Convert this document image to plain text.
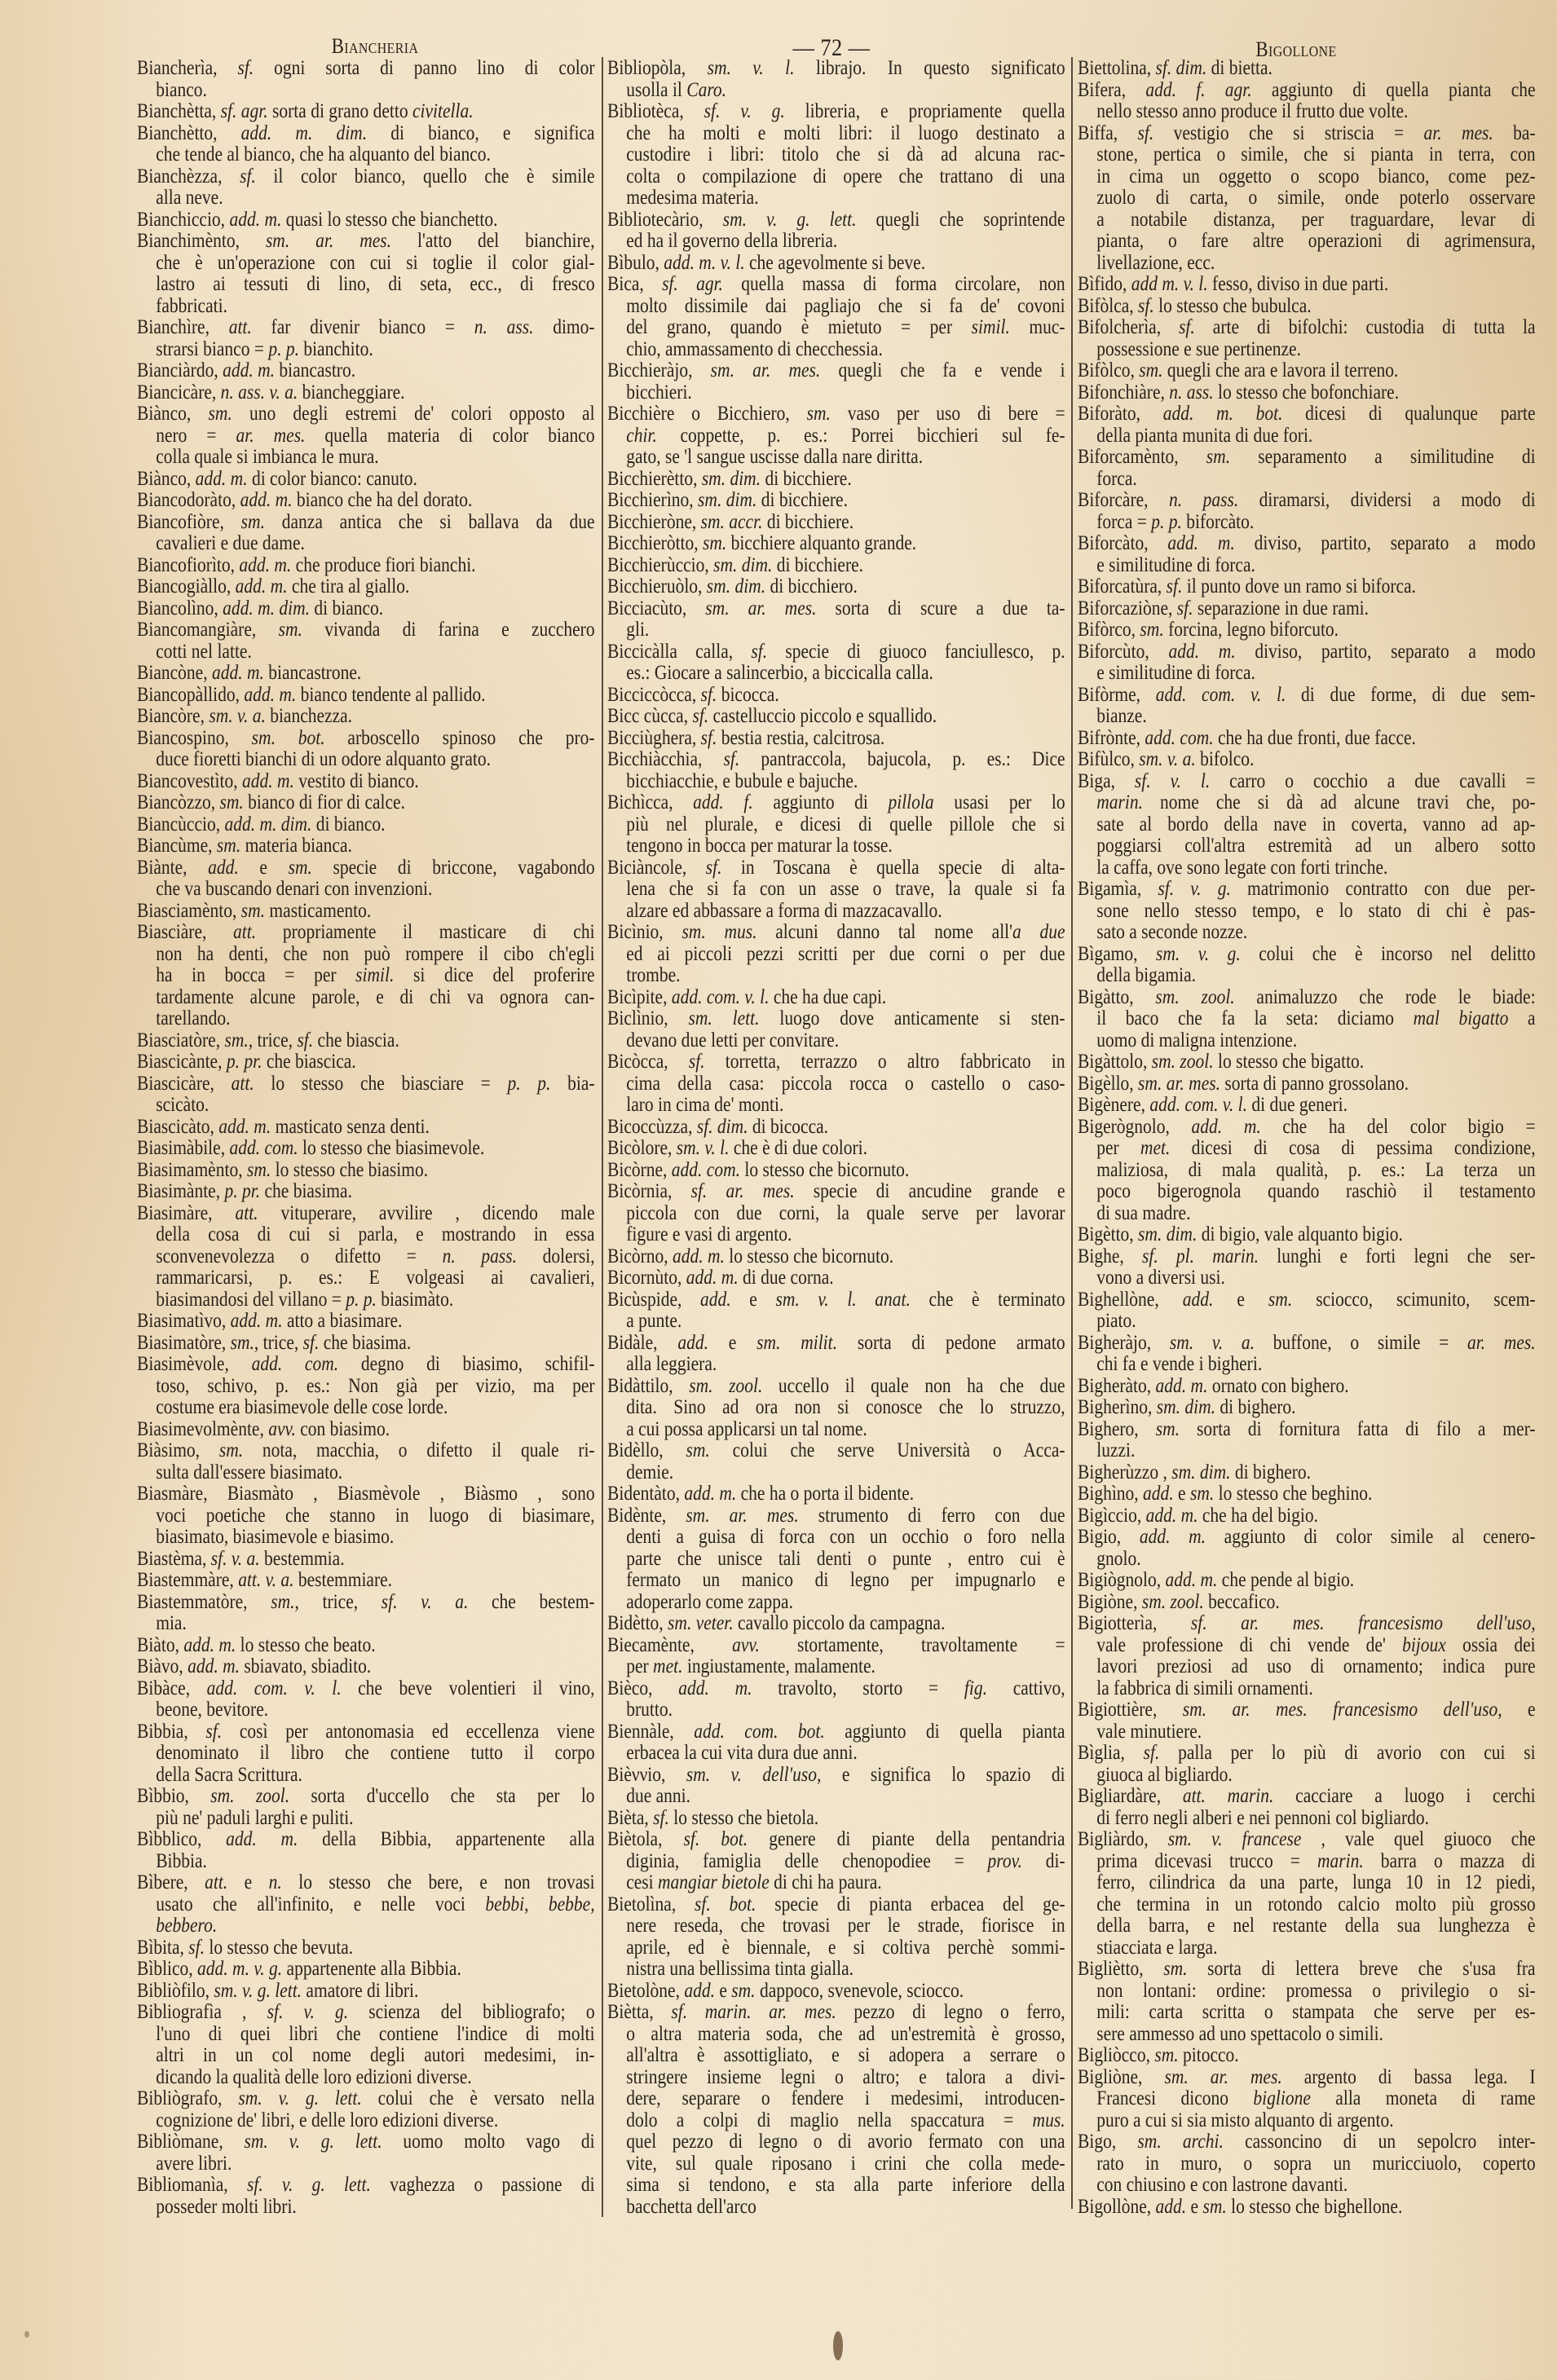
Biancheria	— 72 —	Bigollone
Biancherìa, sf. ogni sorta di panno lino di color
bianco.
Bianchètta, sf. agr. sorta di grano detto civitella.
Bianchètto, add. m. dim. di bianco, e significa
che tende al bianco, che ha alquanto del bianco.
Bianchèzza, sf. il color bianco, quello che è simile
alla neve.
Bianchiccio, add. m. quasi lo stesso che bianchetto.
Bianchimènto, sm. ar. mes. l'atto del bianchire,
che è un'operazione con cui si toglie il color gial-
lastro ai tessuti di lino, di seta, ecc., di fresco
fabbricati.
Bianchìre, att. far divenir bianco = n. ass. dimo-
strarsi bianco = p. p. bianchito.
Bianciàrdo, add. m. biancastro.
Biancicàre, n. ass. v. a. biancheggiare.
Biànco, sm. uno degli estremi de' colori opposto al
nero = ar. mes. quella materia di color bianco
colla quale si imbianca le mura.
Biànco, add. m. di color bianco: canuto.
Biancodoràto, add. m. bianco che ha del dorato.
Biancofiòre, sm. danza antica che si ballava da due
cavalieri e due dame.
Biancofiorìto, add. m. che produce fiori bianchi.
Biancogiàllo, add. m. che tira al giallo.
Biancolìno, add. m. dim. di bianco.
Biancomangiàre, sm. vivanda di farina e zucchero
cotti nel latte.
Biancòne, add. m. biancastrone.
Biancopàllido, add. m. bianco tendente al pallido.
Biancòre, sm. v. a. bianchezza.
Biancospino, sm. bot. arboscello spinoso che pro-
duce fioretti bianchi di un odore alquanto grato.
Biancovestìto, add. m. vestito di bianco.
Biancòzzo, sm. bianco di fior di calce.
Biancùccio, add. m. dim. di bianco.
Biancùme, sm. materia bianca.
Biànte, add. e sm. specie di briccone, vagabondo
che va buscando denari con invenzioni.
Biasciamènto, sm. masticamento.
Biasciàre, att. propriamente il masticare di chi
non ha denti, che non può rompere il cibo ch'egli
ha in bocca = per simil. si dice del proferire
tardamente alcune parole, e di chi va ognora can-
tarellando.
Biasciatòre, sm., trice, sf. che biascia.
Biascicànte, p. pr. che biascica.
Biascicàre, att. lo stesso che biasciare = p. p. bia-
scicàto.
Biascicàto, add. m. masticato senza denti.
Biasimàbile, add. com. lo stesso che biasimevole.
Biasimamènto, sm. lo stesso che biasimo.
Biasimànte, p. pr. che biasima.
Biasimàre, att. vituperare, avvilire , dicendo male
della cosa di cui si parla, e mostrando in essa
sconvenevolezza o difetto = n. pass. dolersi,
rammaricarsi, p. es.: E volgeasi ai cavalieri,
biasimandosi del villano = p. p. biasimàto.
Biasimatìvo, add. m. atto a biasimare.
Biasimatòre, sm., trice, sf. che biasima.
Biasimèvole, add. com. degno di biasimo, schifil-
toso, schivo, p. es.: Non già per vizio, ma per
costume era biasimevole delle cose lorde.
Biasimevolmènte, avv. con biasimo.
Biàsimo, sm. nota, macchia, o difetto il quale ri-
sulta dall'essere biasimato.
Biasmàre, Biasmàto , Biasmèvole , Biàsmo , sono
voci poetiche che stanno in luogo di biasimare,
biasimato, biasimevole e biasimo.
Biastèma, sf. v. a. bestemmia.
Biastemmàre, att. v. a. bestemmiare.
Biastemmatòre, sm., trice, sf. v. a. che bestem-
mia.
Biàto, add. m. lo stesso che beato.
Biàvo, add. m. sbiavato, sbiadito.
Bibàce, add. com. v. l. che beve volentieri il vino,
beone, bevitore.
Bibbia, sf. così per antonomasia ed eccellenza viene
denominato il libro che contiene tutto il corpo
della Sacra Scrittura.
Bìbbio, sm. zool. sorta d'uccello che sta per lo
più ne' paduli larghi e puliti.
Bìbblico, add. m. della Bibbia, appartenente alla
Bibbia.
Bìbere, att. e n. lo stesso che bere, e non trovasi
usato che all'infinito, e nelle voci bebbi, bebbe,
bebbero.
Bìbita, sf. lo stesso che bevuta.
Bìblico, add. m. v. g. appartenente alla Bibbia.
Bibliòfilo, sm. v. g. lett. amatore di libri.
Bibliografìa , sf. v. g. scienza del bibliografo; o
l'uno di quei libri che contiene l'indice di molti
altri in un col nome degli autori medesimi, in-
dicando la qualità delle loro edizioni diverse.
Bibliògrafo, sm. v. g. lett. colui che è versato nella
cognizione de' libri, e delle loro edizioni diverse.
Bibliòmane, sm. v. g. lett. uomo molto vago di
avere libri.
Bibliomanìa, sf. v. g. lett. vaghezza o passione di
posseder molti libri.
Bibliopòla, sm. v. l. librajo. In questo significato
usolla il Caro.
Bibliotèca, sf. v. g. libreria, e propriamente quella
che ha molti e molti libri: il luogo destinato a
custodire i libri: titolo che si dà ad alcuna rac-
colta o compilazione di opere che trattano di una
medesima materia.
Bibliotecàrio, sm. v. g. lett. quegli che soprintende
ed ha il governo della libreria.
Bìbulo, add. m. v. l. che agevolmente si beve.
Bica, sf. agr. quella massa di forma circolare, non
molto dissimile dai pagliajo che si fa de' covoni
del grano, quando è mietuto = per simil. muc-
chio, ammassamento di checchessia.
Bicchieràjo, sm. ar. mes. quegli che fa e vende i
bicchieri.
Bicchière o Bicchiero, sm. vaso per uso di bere =
chir. coppette, p. es.: Porrei bicchieri sul fe-
gato, se 'l sangue uscisse dalla nare diritta.
Bicchierètto, sm. dim. di bicchiere.
Bicchierìno, sm. dim. di bicchiere.
Bicchieròne, sm. accr. di bicchiere.
Bicchieròtto, sm. bicchiere alquanto grande.
Bicchierùccio, sm. dim. di bicchiere.
Bicchieruòlo, sm. dim. di bicchiero.
Bicciacùto, sm. ar. mes. sorta di scure a due ta-
gli.
Biccicàlla calla, sf. specie di giuoco fanciullesco, p.
es.: Giocare a salincerbio, a biccicalla calla.
Bicciccòcca, sf. bicocca.
Bicc cùcca, sf. castelluccio piccolo e squallido.
Bicciùghera, sf. bestia restia, calcitrosa.
Bicchiàcchia, sf. pantraccola, bajucola, p. es.: Dice
bicchiacchie, e bubule e bajuche.
Bichìcca, add. f. aggiunto di pillola usasi per lo
più nel plurale, e dicesi di quelle pillole che si
tengono in bocca per maturar la tosse.
Biciàncole, sf. in Toscana è quella specie di alta-
lena che si fa con un asse o trave, la quale si fa
alzare ed abbassare a forma di mazzacavallo.
Bicìnio, sm. mus. alcuni danno tal nome all'a due
ed ai piccoli pezzi scritti per due corni o per due
trombe.
Bicìpite, add. com. v. l. che ha due capi.
Biclìnio, sm. lett. luogo dove anticamente si sten-
devano due letti per convitare.
Bicòcca, sf. torretta, terrazzo o altro fabbricato in
cima della casa: piccola rocca o castello o caso-
laro in cima de' monti.
Bicoccùzza, sf. dim. di bicocca.
Bicòlore, sm. v. l. che è di due colori.
Bicòrne, add. com. lo stesso che bicornuto.
Bicòrnia, sf. ar. mes. specie di ancudine grande e
piccola con due corni, la quale serve per lavorar
figure e vasi di argento.
Bicòrno, add. m. lo stesso che bicornuto.
Bicornùto, add. m. di due corna.
Bicùspide, add. e sm. v. l. anat. che è terminato
a punte.
Bidàle, add. e sm. milit. sorta di pedone armato
alla leggiera.
Bidàttilo, sm. zool. uccello il quale non ha che due
dita. Sino ad ora non si conosce che lo struzzo,
a cui possa applicarsi un tal nome.
Bidèllo, sm. colui che serve Università o Acca-
demie.
Bidentàto, add. m. che ha o porta il bidente.
Bidènte, sm. ar. mes. strumento di ferro con due
denti a guisa di forca con un occhio o foro nella
parte che unisce tali denti o punte , entro cui è
fermato un manico di legno per impugnarlo e
adoperarlo come zappa.
Bidètto, sm. veter. cavallo piccolo da campagna.
Biecamènte, avv. stortamente, travoltamente =
per met. ingiustamente, malamente.
Bièco, add. m. travolto, storto = fig. cattivo,
brutto.
Biennàle, add. com. bot. aggiunto di quella pianta
erbacea la cui vita dura due anni.
Bièννio, sm. v. dell'uso, e significa lo spazio di
due anni.
Bièta, sf. lo stesso che bietola.
Biètola, sf. bot. genere di piante della pentandria
diginia, famiglia delle chenopodiee = prov. di-
cesi mangiar bietole di chi ha paura.
Bietolìna, sf. bot. specie di pianta erbacea del ge-
nere reseda, che trovasi per le strade, fiorisce in
aprile, ed è biennale, e si coltiva perchè sommi-
nistra una bellissima tinta gialla.
Bietolòne, add. e sm. dappoco, svenevole, sciocco.
Biètta, sf. marin. ar. mes. pezzo di legno o ferro,
o altra materia soda, che ad un'estremità è grosso,
all'altra è assottigliato, e si adopera a serrare o
stringere insieme legni o altro; e talora a divi-
dere, separare o fendere i medesimi, introducen-
dolo a colpi di maglio nella spaccatura = mus.
quel pezzo di legno o di avorio fermato con una
vite, sul quale riposano i crini che colla mede-
sima si tendono, e sta alla parte inferiore della
bacchetta dell'arco
Biettolina, sf. dim. di bietta.
Bifera, add. f. agr. aggiunto di quella pianta che
nello stesso anno produce il frutto due volte.
Biffa, sf. vestigio che si striscia = ar. mes. ba-
stone, pertica o simile, che si pianta in terra, con
in cima un oggetto o scopo bianco, come pez-
zuolo di carta, o simile, onde poterlo osservare
a notabile distanza, per traguardare, levar di
pianta, o fare altre operazioni di agrimensura,
livellazione, ecc.
Bìfido, add m. v. l. fesso, diviso in due parti.
Bifòlca, sf. lo stesso che bubulca.
Bifolcherìa, sf. arte di bifolchi: custodia di tutta la
possessione e sue pertinenze.
Bifòlco, sm. quegli che ara e lavora il terreno.
Bifonchiàre, n. ass. lo stesso che bofonchiare.
Biforàto, add. m. bot. dicesi di qualunque parte
della pianta munita di due fori.
Biforcamènto, sm. separamento a similitudine di
forca.
Biforcàre, n. pass. diramarsi, dividersi a modo di
forca = p. p. biforcàto.
Biforcàto, add. m. diviso, partito, separato a modo
e similitudine di forca.
Biforcatùra, sf. il punto dove un ramo si biforca.
Biforcaziòne, sf. separazione in due rami.
Bifòrco, sm. forcina, legno biforcuto.
Biforcùto, add. m. diviso, partito, separato a modo
e similitudine di forca.
Bifòrme, add. com. v. l. di due forme, di due sem-
bianze.
Bifrònte, add. com. che ha due fronti, due facce.
Bifùlco, sm. v. a. bifolco.
Biga, sf. v. l. carro o cocchio a due cavalli =
marin. nome che si dà ad alcune travi che, po-
sate al bordo della nave in coverta, vanno ad ap-
poggiarsi coll'altra estremità ad un albero sotto
la caffa, ove sono legate con forti trinche.
Bigamìa, sf. v. g. matrimonio contratto con due per-
sone nello stesso tempo, e lo stato di chi è pas-
sato a seconde nozze.
Bìgamo, sm. v. g. colui che è incorso nel delitto
della bigamia.
Bigàtto, sm. zool. animaluzzo che rode le biade:
il baco che fa la seta: diciamo mal bigatto a
uomo di maligna intenzione.
Bigàttolo, sm. zool. lo stesso che bigatto.
Bigèllo, sm. ar. mes. sorta di panno grossolano.
Bigènere, add. com. v. l. di due generi.
Bigerògnolo, add. m. che ha del color bigio =
per met. dicesi di cosa di pessima condizione,
maliziosa, di mala qualità, p. es.: La terza un
poco bigerognola quando raschiò il testamento
di sua madre.
Bigètto, sm. dim. di bigio, vale alquanto bigio.
Bighe, sf. pl. marin. lunghi e forti legni che ser-
vono a diversi usi.
Bighellòne, add. e sm. sciocco, scimunito, scem-
piato.
Bigheràjo, sm. v. a. buffone, o simile = ar. mes.
chi fa e vende i bigheri.
Bigheràto, add. m. ornato con bighero.
Bigherìno, sm. dim. di bighero.
Bighero, sm. sorta di fornitura fatta di filo a mer-
luzzi.
Bigherùzzo , sm. dim. di bighero.
Bighìno, add. e sm. lo stesso che beghino.
Bigìccio, add. m. che ha del bigio.
Bigio, add. m. aggiunto di color simile al cenero-
gnolo.
Bigiògnolo, add. m. che pende al bigio.
Bigiòne, sm. zool. beccafico.
Bigiotterìa, sf. ar. mes. francesismo dell'uso,
vale professione di chi vende de' bijoux ossia dei
lavori preziosi ad uso di ornamento; indica pure
la fabbrica di simili ornamenti.
Bigiottière, sm. ar. mes. francesismo dell'uso, e
vale minutiere.
Bìglia, sf. palla per lo più di avorio con cui si
giuoca al bigliardo.
Bigliardàre, att. marin. cacciare a luogo i cerchi
di ferro negli alberi e nei pennoni col bigliardo.
Bigliàrdo, sm. v. francese , vale quel giuoco che
prima dicevasi trucco = marin. barra o mazza di
ferro, cilindrica da una parte, lunga 10 in 12 piedi,
che termina in un rotondo calcio molto più grosso
della barra, e nel restante della sua lunghezza è
stiacciata e larga.
Bigliètto, sm. sorta di lettera breve che s'usa fra
non lontani: ordine: promessa o privilegio o si-
mili: carta scritta o stampata che serve per es-
sere ammesso ad uno spettacolo o simili.
Bigliòcco, sm. pitocco.
Bigliòne, sm. ar. mes. argento di bassa lega. I
Francesi dicono biglione alla moneta di rame
puro a cui si sia misto alquanto di argento.
Bigo, sm. archi. cassoncino di un sepolcro inter-
rato in muro, o sopra un muricciuolo, coperto
con chiusino e con lastrone davanti.
Bigollòne, add. e sm. lo stesso che bighellone.
